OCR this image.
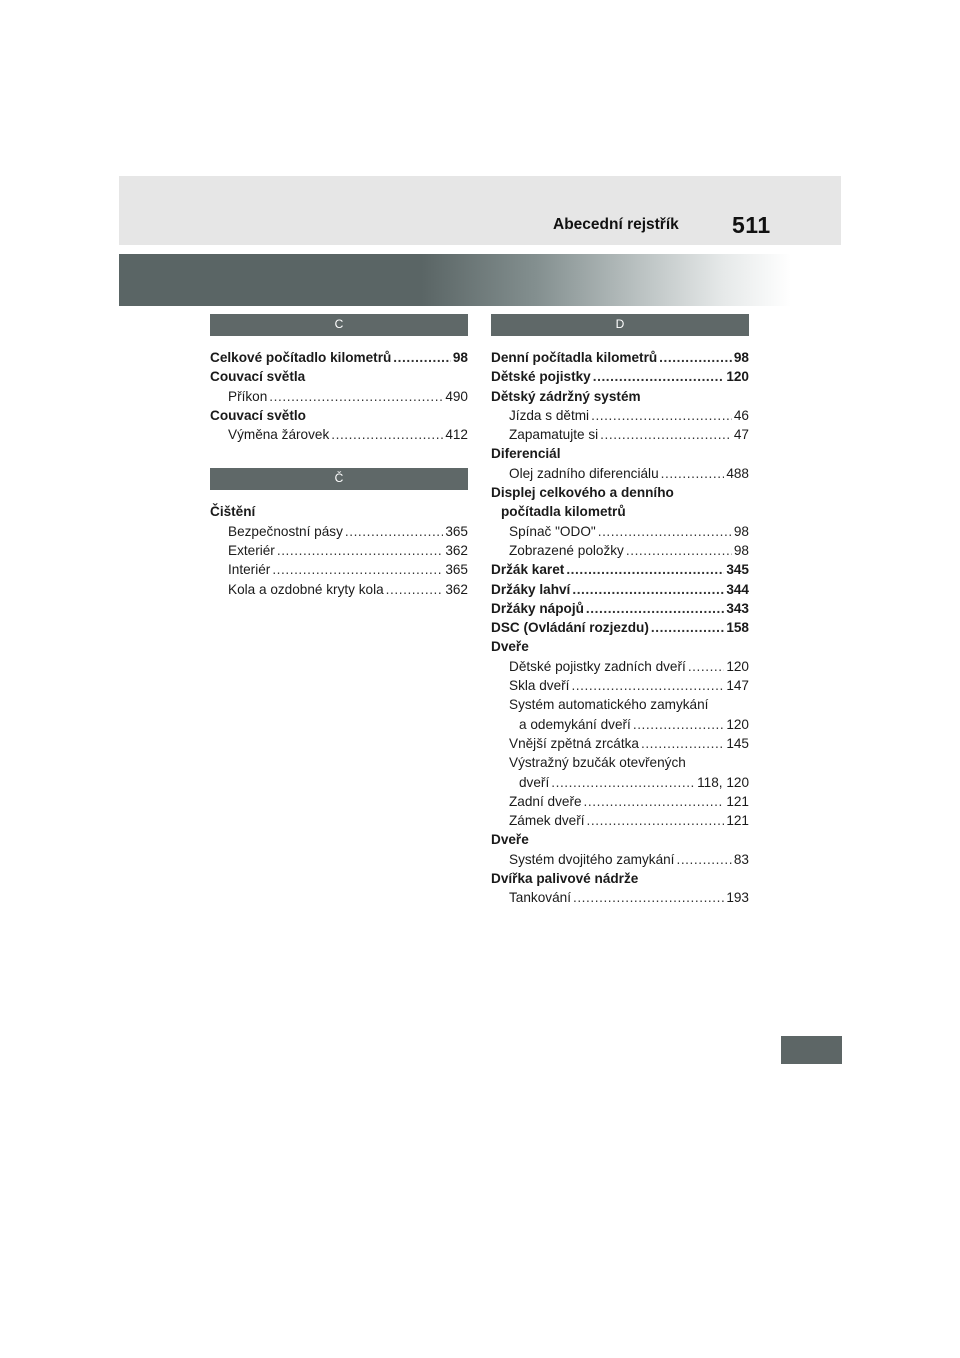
Abecední rejstřík 511
C
Celkové počítadlo kilometrů . . .	98
Couvací světla
Příkon . . .	490
Couvací světlo
Výměna žárovek . . .	412
Č
Čištění
Bezpečnostní pásy . . .	365
Exteriér . . .	362
Interiér . . .	365
Kola a ozdobné kryty kola . . .	362
D
Denní počítadla kilometrů . . .	98
Dětské pojistky . . .	120
Dětský zádržný systém
Jízda s dětmi . . .	46
Zapamatujte si . . .	47
Diferenciál
Olej zadního diferenciálu . . .	488
Displej celkového a denního
počítadla kilometrů
Spínač "ODO" . . .	98
Zobrazené položky . . .	98
Držák karet . . .	345
Držáky lahví . . .	344
Držáky nápojů . . .	343
DSC (Ovládání rozjezdu) . . .	158
Dveře
Dětské pojistky zadních dveří . . .	120
Skla dveří . . .	147
Systém automatického zamykání
a odemykání dveří . . .	120
Vnější zpětná zrcátka . . .	145
Výstražný bzučák otevřených
dveří . . .	118, 120
Zadní dveře . . .	121
Zámek dveří . . .	121
Dveře
Systém dvojitého zamykání . . .	83
Dvířka palivové nádrže
Tankování . . .	193
